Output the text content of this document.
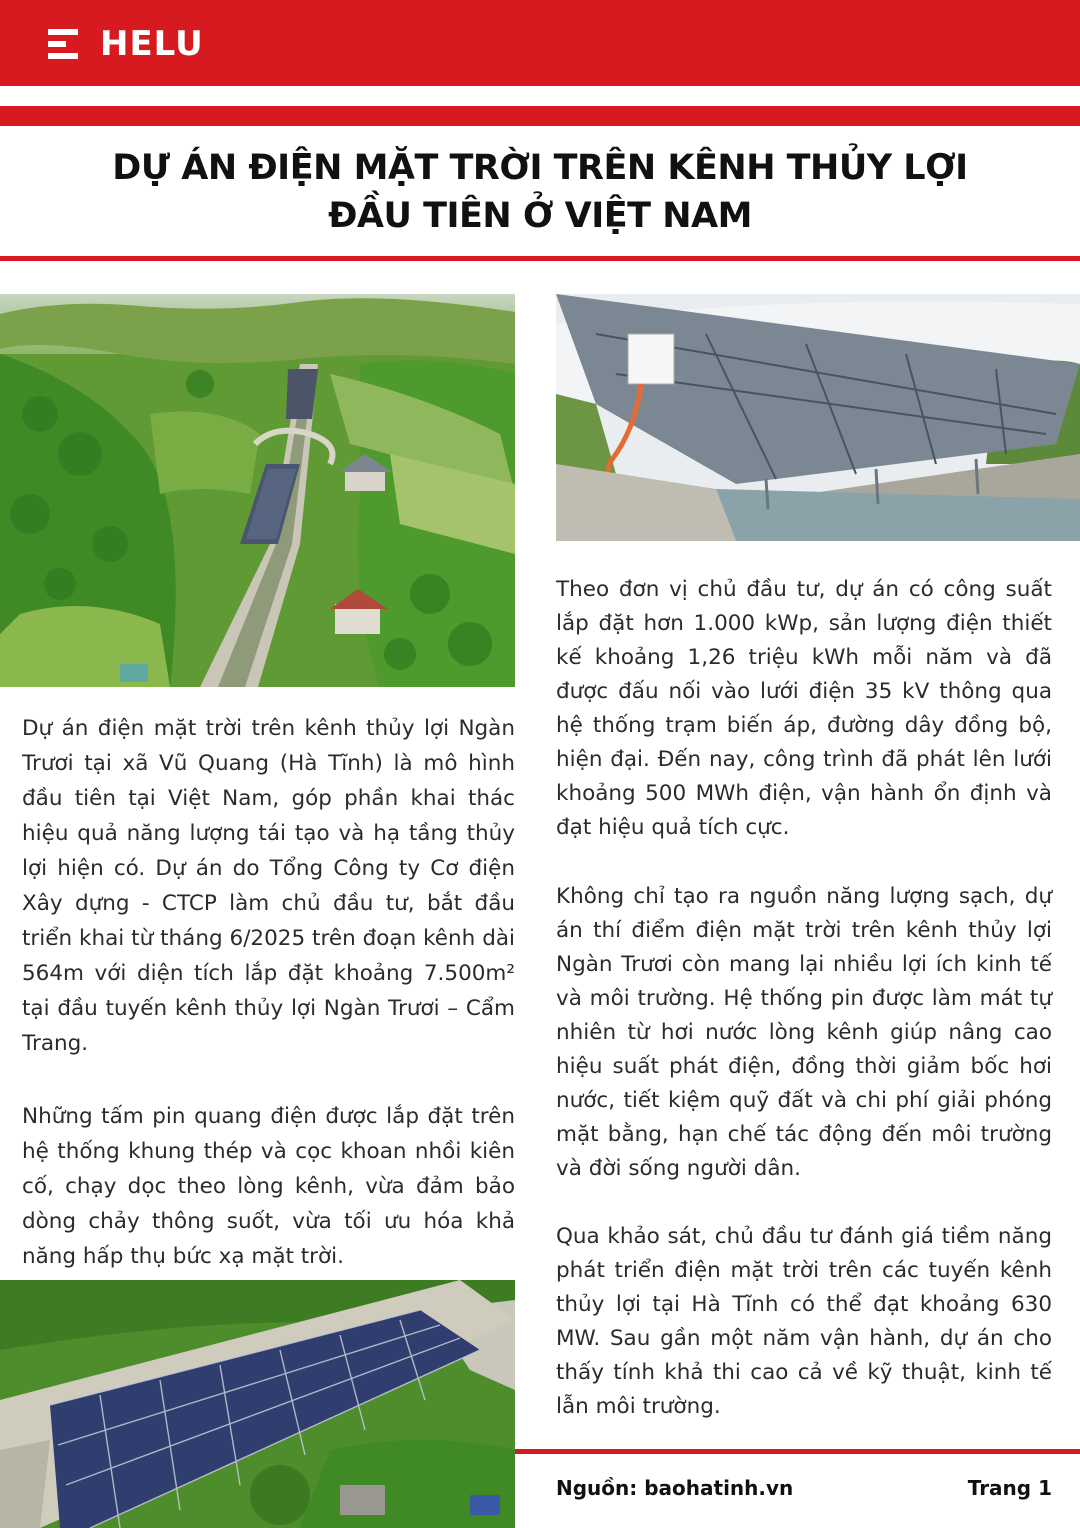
HELU
DỰ ÁN ĐIỆN MẶT TRỜI TRÊN KÊNH THỦY LỢI
ĐẦU TIÊN Ở VIỆT NAM

Dự án điện mặt trời trên kênh thủy lợi Ngàn Trươi tại xã Vũ Quang (Hà Tĩnh) là mô hình đầu tiên tại Việt Nam, góp phần khai thác hiệu quả năng lượng tái tạo và hạ tầng thủy lợi hiện có. Dự án do Tổng Công ty Cơ điện Xây dựng - CTCP làm chủ đầu tư, bắt đầu triển khai từ tháng 6/2025 trên đoạn kênh dài 564m với diện tích lắp đặt khoảng 7.500m² tại đầu tuyến kênh thủy lợi Ngàn Trươi – Cẩm Trang.

Những tấm pin quang điện được lắp đặt trên hệ thống khung thép và cọc khoan nhồi kiên cố, chạy dọc theo lòng kênh, vừa đảm bảo dòng chảy thông suốt, vừa tối ưu hóa khả năng hấp thụ bức xạ mặt trời.

Theo đơn vị chủ đầu tư, dự án có công suất lắp đặt hơn 1.000 kWp, sản lượng điện thiết kế khoảng 1,26 triệu kWh mỗi năm và đã được đấu nối vào lưới điện 35 kV thông qua hệ thống trạm biến áp, đường dây đồng bộ, hiện đại. Đến nay, công trình đã phát lên lưới khoảng 500 MWh điện, vận hành ổn định và đạt hiệu quả tích cực.

Không chỉ tạo ra nguồn năng lượng sạch, dự án thí điểm điện mặt trời trên kênh thủy lợi Ngàn Trươi còn mang lại nhiều lợi ích kinh tế và môi trường. Hệ thống pin được làm mát tự nhiên từ hơi nước lòng kênh giúp nâng cao hiệu suất phát điện, đồng thời giảm bốc hơi nước, tiết kiệm quỹ đất và chi phí giải phóng mặt bằng, hạn chế tác động đến môi trường và đời sống người dân.

Qua khảo sát, chủ đầu tư đánh giá tiềm năng phát triển điện mặt trời trên các tuyến kênh thủy lợi tại Hà Tĩnh có thể đạt khoảng 630 MW. Sau gần một năm vận hành, dự án cho thấy tính khả thi cao cả về kỹ thuật, kinh tế lẫn môi trường.

Nguồn: baohatinh.vn	Trang 1
